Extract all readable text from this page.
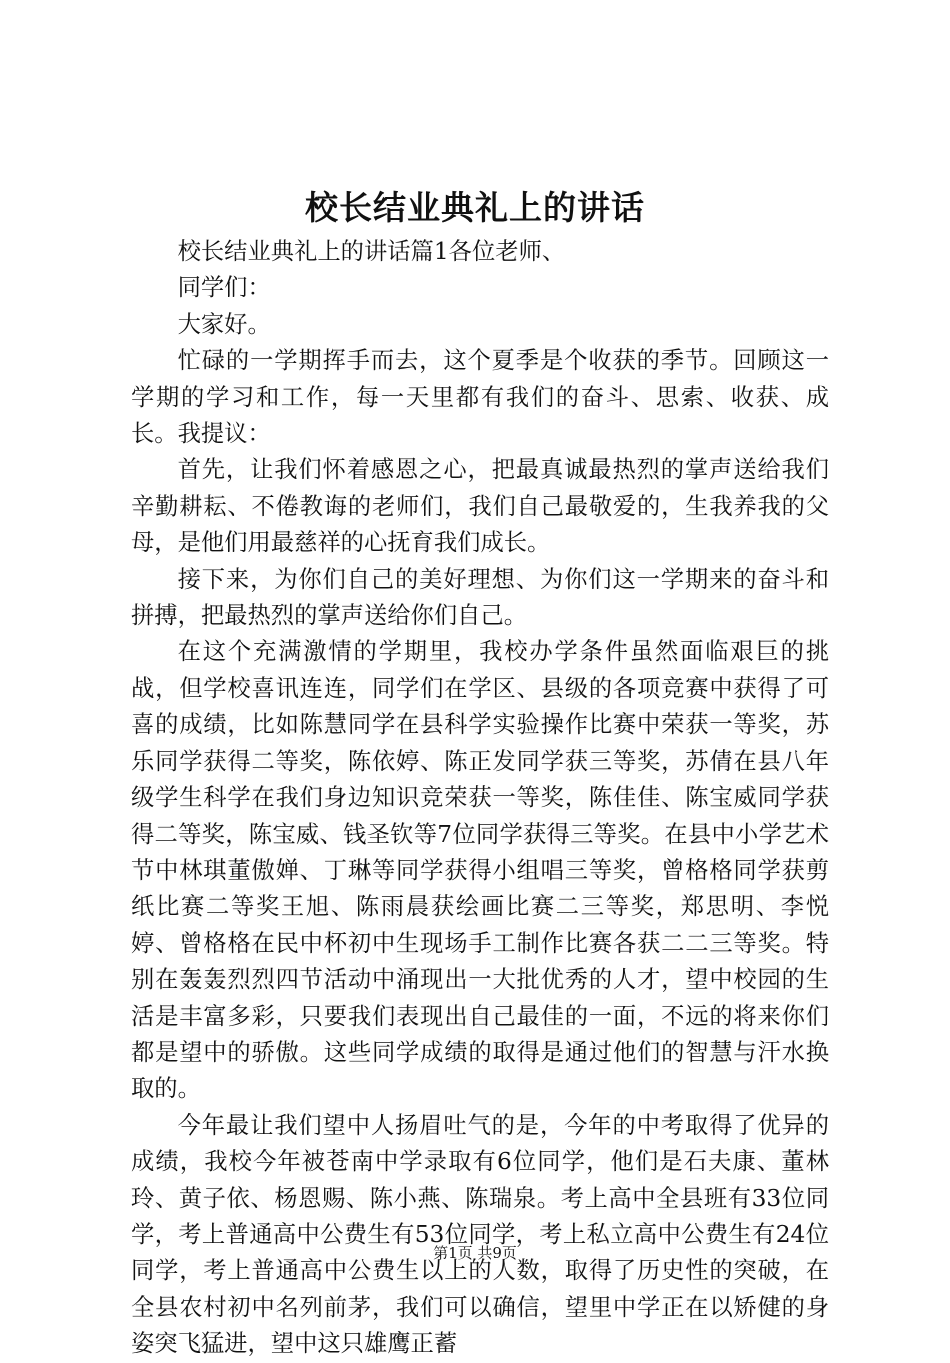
校长结业典礼上的讲话

校长结业典礼上的讲话篇1各位老师、

同学们：

大家好。

忙碌的一学期挥手而去，这个夏季是个收获的季节。回顾这一学期的学习和工作，每一天里都有我们的奋斗、思索、收获、成长。我提议：

首先，让我们怀着感恩之心，把最真诚最热烈的掌声送给我们辛勤耕耘、不倦教诲的老师们，我们自己最敬爱的，生我养我的父母，是他们用最慈祥的心抚育我们成长。

接下来，为你们自己的美好理想、为你们这一学期来的奋斗和拼搏，把最热烈的掌声送给你们自己。

在这个充满激情的学期里，我校办学条件虽然面临艰巨的挑战，但学校喜讯连连，同学们在学区、县级的各项竞赛中获得了可喜的成绩，比如陈慧同学在县科学实验操作比赛中荣获一等奖，苏乐同学获得二等奖，陈依婷、陈正发同学获三等奖，苏倩在县八年级学生科学在我们身边知识竞荣获一等奖，陈佳佳、陈宝威同学获得二等奖，陈宝威、钱圣钦等7位同学获得三等奖。在县中小学艺术节中林琪董傲婵、丁琳等同学获得小组唱三等奖，曾格格同学获剪纸比赛二等奖王旭、陈雨晨获绘画比赛二三等奖，郑思明、李悦婷、曾格格在民中杯初中生现场手工制作比赛各获二二三等奖。特别在轰轰烈烈四节活动中涌现出一大批优秀的人才，望中校园的生活是丰富多彩，只要我们表现出自己最佳的一面，不远的将来你们都是望中的骄傲。这些同学成绩的取得是通过他们的智慧与汗水换取的。

今年最让我们望中人扬眉吐气的是，今年的中考取得了优异的成绩，我校今年被苍南中学录取有6位同学，他们是石夫康、董林玲、黄子依、杨恩赐、陈小燕、陈瑞泉。考上高中全县班有33位同学，考上普通高中公费生有53位同学，考上私立高中公费生有24位同学，考上普通高中公费生以上的人数，取得了历史性的突破，在全县农村初中名列前茅，我们可以确信，望里中学正在以矫健的身姿突飞猛进，望中这只雄鹰正蓄

第1页 共9页
